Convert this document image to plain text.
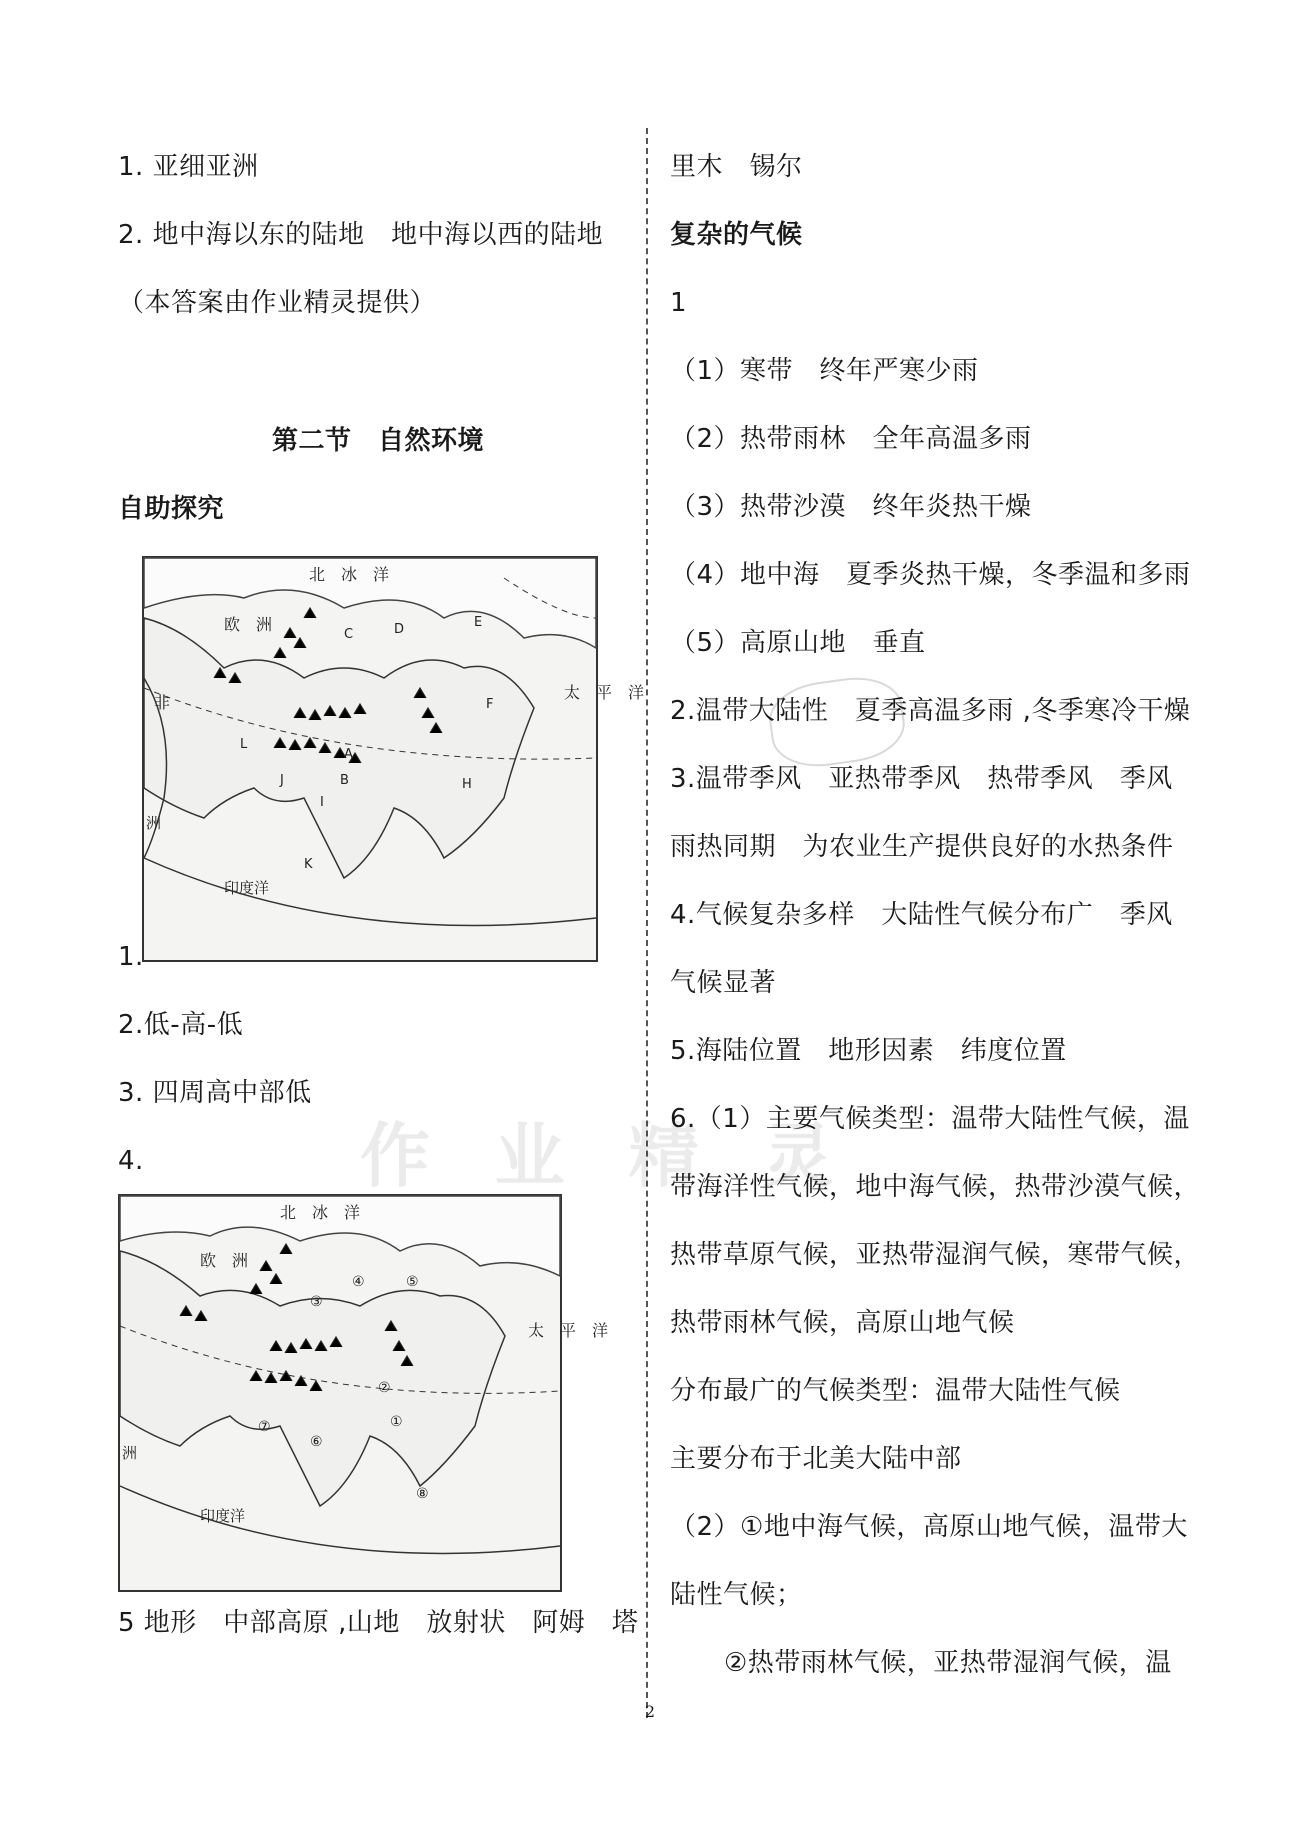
1. 亚细亚洲
2. 地中海以东的陆地　地中海以西的陆地
（本答案由作业精灵提供）
第二节　自然环境
自助探究
北　冰　洋
欧　洲
非
太　平　洋
印度洋
洲
A
B
C	D	E
F
H
I
J
K
L
1.
2.低-高-低
3. 四周高中部低
4.
北　冰　洋
欧　洲
太　平　洋
印度洋
洲
①
②
③
④	⑤
⑥
⑦
⑧
5 地形　中部高原 ,山地　放射状　阿姆　塔
里木　锡尔
复杂的气候
1
（1）寒带　终年严寒少雨
（2）热带雨林　全年高温多雨
（3）热带沙漠　终年炎热干燥
（4）地中海　夏季炎热干燥，冬季温和多雨
（5）高原山地　垂直
2.温带大陆性　夏季高温多雨 ,冬季寒冷干燥
3.温带季风　亚热带季风　热带季风　季风
雨热同期　为农业生产提供良好的水热条件
4.气候复杂多样　大陆性气候分布广　季风
气候显著
5.海陆位置　地形因素　纬度位置
6.（1）主要气候类型：温带大陆性气候，温
带海洋性气候，地中海气候，热带沙漠气候，
热带草原气候，亚热带湿润气候，寒带气候，
热带雨林气候，高原山地气候
分布最广的气候类型：温带大陆性气候
主要分布于北美大陆中部
（2）①地中海气候，高原山地气候，温带大
陆性气候；
②热带雨林气候，亚热带湿润气候，温
作 业 精 灵
2
